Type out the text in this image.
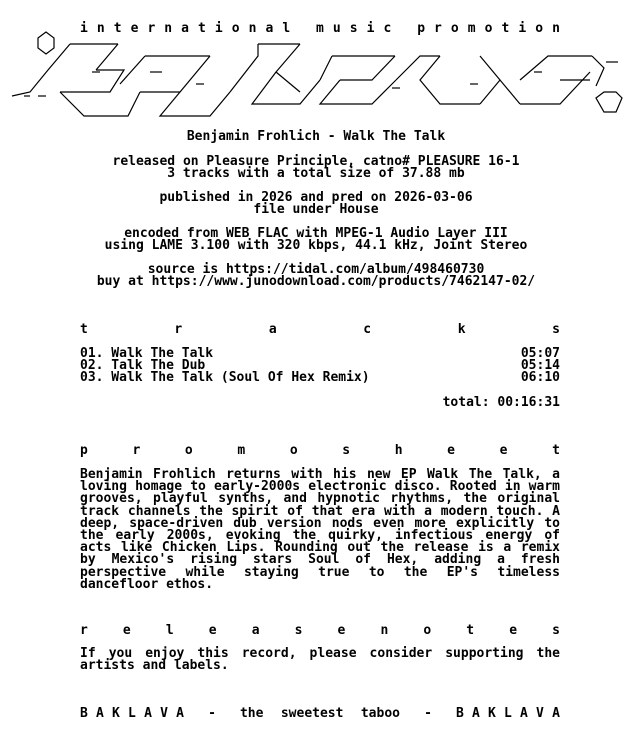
i n t e r n a t i o n a l
m u s i c
p r o m o t i o n
Benjamin Frohlich - Walk The Talk
released on Pleasure Principle, catno# PLEASURE 16-1
3 tracks with a total size of 37.88 mb
published in 2026 and pred on 2026-03-06
file under House
encoded from WEB FLAC with MPEG-1 Audio Layer III
using LAME 3.100 with 320 kbps, 44.1 kHz, Joint Stereo
source is https://tidal.com/album/498460730
buy at https://www.junodownload.com/products/7462147-02/
t	r	a	c	k	s
01. Walk The Talk	05:07
02. Talk The Dub	05:14
03. Walk The Talk (Soul Of Hex Remix)	06:10
total: 00:16:31
p	r	o	m	o	s	h	e	e	t
Benjamin Frohlich returns with his new EP Walk The Talk, a loving homage to early-2000s electronic disco. Rooted in warm grooves, playful synths, and hypnotic rhythms, the original track channels the spirit of that era with a modern touch. A deep, space-driven dub version nods even more explicitly to the early 2000s, evoking the quirky, infectious energy of acts like Chicken Lips. Rounding out the release is a remix by Mexico's rising stars Soul of Hex, adding a fresh perspective while staying true to the EP's timeless dancefloor ethos.
r	e	l	e	a	s	e	n	o	t	e	s
If you enjoy this record, please consider supporting the artists and labels.
B A K L A V A - the sweetest taboo - B A K L A V A
